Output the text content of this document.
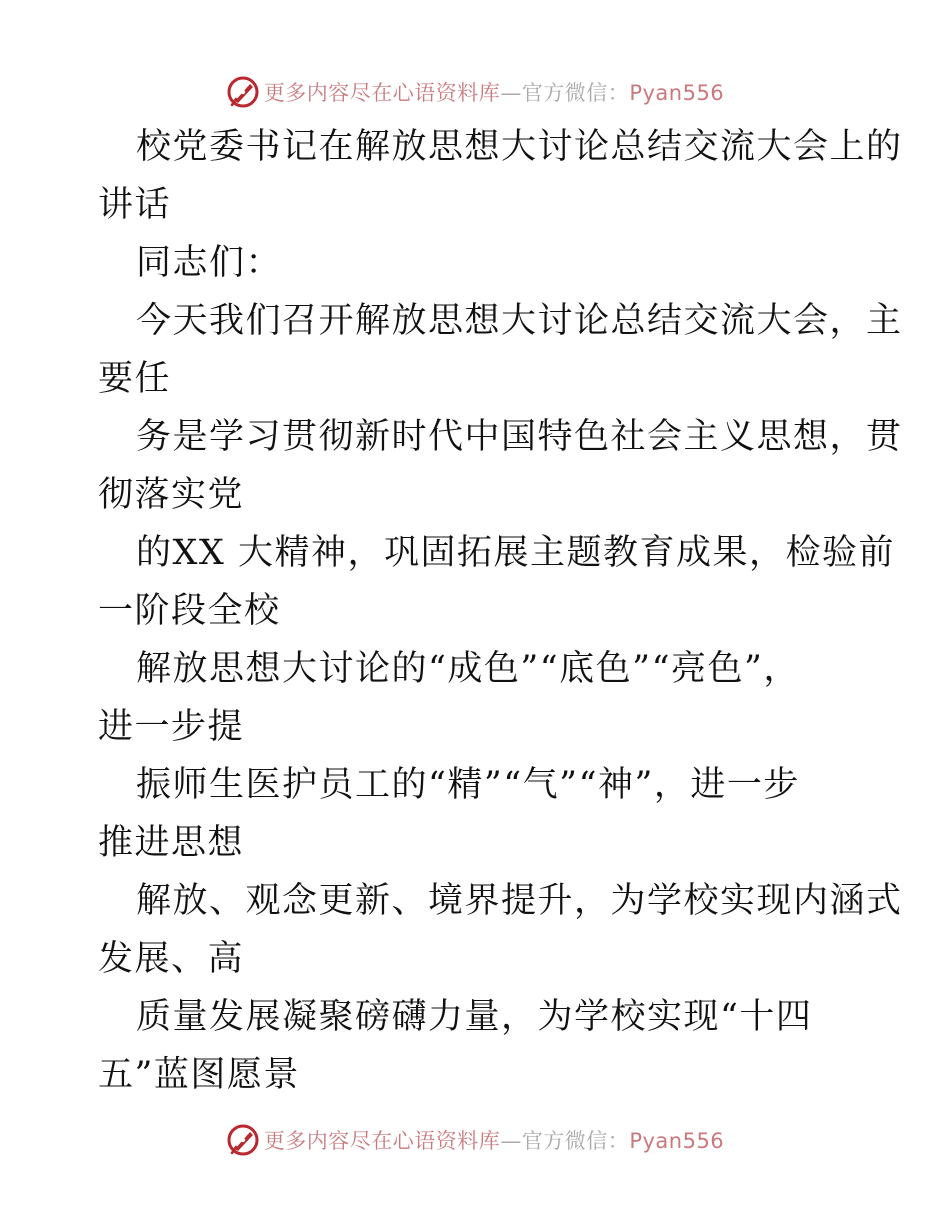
更多内容尽在心语资料库—官方微信：Pyan556
校党委书记在解放思想大讨论总结交流大会上的
讲话
同志们：
今天我们召开解放思想大讨论总结交流大会，主
要任
务是学习贯彻新时代中国特色社会主义思想，贯
彻落实党
的XX 大精神，巩固拓展主题教育成果，检验前
一阶段全校
解放思想大讨论的“成色”“底色”“亮色”，
进一步提
振师生医护员工的“精”“气”“神”，进一步
推进思想
解放、观念更新、境界提升，为学校实现内涵式
发展、高
质量发展凝聚磅礴力量，为学校实现“十四
五”蓝图愿景
更多内容尽在心语资料库—官方微信：Pyan556
